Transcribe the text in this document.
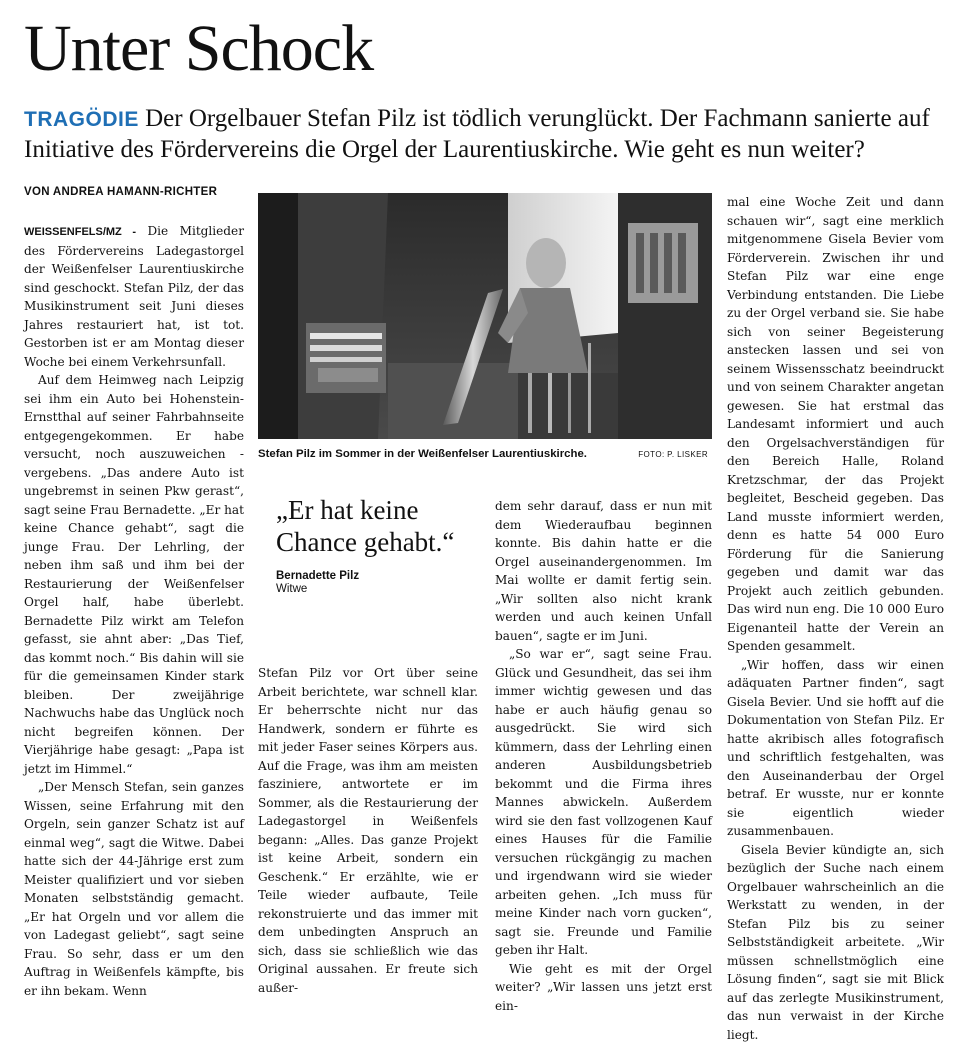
Unter Schock

TRAGÖDIE Der Orgelbauer Stefan Pilz ist tödlich verunglückt. Der Fachmann sanierte auf Initiative des Fördervereins die Orgel der Laurentiuskirche. Wie geht es nun weiter?

VON ANDREA HAMANN-RICHTER

WEISSENFELS/MZ - Die Mitglieder des Fördervereins Ladegastorgel der Weißenfelser Laurentiuskirche sind geschockt. Stefan Pilz, der das Musikinstrument seit Juni dieses Jahres restauriert hat, ist tot. Gestorben ist er am Montag dieser Woche bei einem Verkehrsunfall.

Auf dem Heimweg nach Leipzig sei ihm ein Auto bei Hohenstein-Ernstthal auf seiner Fahrbahnseite entgegengekommen. Er habe versucht, noch auszuweichen - vergebens. „Das andere Auto ist ungebremst in seinen Pkw gerast“, sagt seine Frau Bernadette. „Er hat keine Chance gehabt“, sagt die junge Frau. Der Lehrling, der neben ihm saß und ihm bei der Restaurierung der Weißenfelser Orgel half, habe überlebt. Bernadette Pilz wirkt am Telefon gefasst, sie ahnt aber: „Das Tief, das kommt noch.“ Bis dahin will sie für die gemeinsamen Kinder stark bleiben. Der zweijährige Nachwuchs habe das Unglück noch nicht begreifen können. Der Vierjährige habe gesagt: „Papa ist jetzt im Himmel.“

„Der Mensch Stefan, sein ganzes Wissen, seine Erfahrung mit den Orgeln, sein ganzer Schatz ist auf einmal weg“, sagt die Witwe. Dabei hatte sich der 44-Jährige erst zum Meister qualifiziert und vor sieben Monaten selbstständig gemacht. „Er hat Orgeln und vor allem die von Ladegast geliebt“, sagt seine Frau. So sehr, dass er um den Auftrag in Weißenfels kämpfte, bis er ihn bekam. Wenn

Stefan Pilz im Sommer in der Weißenfelser Laurentiuskirche.	FOTO: P. LISKER

„Er hat keine Chance gehabt.“

Bernadette Pilz

Witwe

Stefan Pilz vor Ort über seine Arbeit berichtete, war schnell klar. Er beherrschte nicht nur das Handwerk, sondern er führte es mit jeder Faser seines Körpers aus. Auf die Frage, was ihm am meisten fasziniere, antwortete er im Sommer, als die Restaurierung der Ladegastorgel in Weißenfels begann: „Alles. Das ganze Projekt ist keine Arbeit, sondern ein Geschenk.“ Er erzählte, wie er Teile wieder aufbaute, Teile rekonstruierte und das immer mit dem unbedingten Anspruch an sich, dass sie schließlich wie das Original aussahen. Er freute sich außer-

dem sehr darauf, dass er nun mit dem Wiederaufbau beginnen konnte. Bis dahin hatte er die Orgel auseinandergenommen. Im Mai wollte er damit fertig sein. „Wir sollten also nicht krank werden und auch keinen Unfall bauen“, sagte er im Juni.

„So war er“, sagt seine Frau. Glück und Gesundheit, das sei ihm immer wichtig gewesen und das habe er auch häufig genau so ausgedrückt. Sie wird sich kümmern, dass der Lehrling einen anderen Ausbildungsbetrieb bekommt und die Firma ihres Mannes abwickeln. Außerdem wird sie den fast vollzogenen Kauf eines Hauses für die Familie versuchen rückgängig zu machen und irgendwann wird sie wieder arbeiten gehen. „Ich muss für meine Kinder nach vorn gucken“, sagt sie. Freunde und Familie geben ihr Halt.

Wie geht es mit der Orgel weiter? „Wir lassen uns jetzt erst ein-

mal eine Woche Zeit und dann schauen wir“, sagt eine merklich mitgenommene Gisela Bevier vom Förderverein. Zwischen ihr und Stefan Pilz war eine enge Verbindung entstanden. Die Liebe zu der Orgel verband sie. Sie habe sich von seiner Begeisterung anstecken lassen und sei von seinem Wissensschatz beeindruckt und von seinem Charakter angetan gewesen. Sie hat erstmal das Landesamt informiert und auch den Orgelsachverständigen für den Bereich Halle, Roland Kretzschmar, der das Projekt begleitet, Bescheid gegeben. Das Land musste informiert werden, denn es hatte 54 000 Euro Förderung für die Sanierung gegeben und damit war das Projekt auch zeitlich gebunden. Das wird nun eng. Die 10 000 Euro Eigenanteil hatte der Verein an Spenden gesammelt.

„Wir hoffen, dass wir einen adäquaten Partner finden“, sagt Gisela Bevier. Und sie hofft auf die Dokumentation von Stefan Pilz. Er hatte akribisch alles fotografisch und schriftlich festgehalten, was den Auseinanderbau der Orgel betraf. Er wusste, nur er konnte sie eigentlich wieder zusammenbauen.

Gisela Bevier kündigte an, sich bezüglich der Suche nach einem Orgelbauer wahrscheinlich an die Werkstatt zu wenden, in der Stefan Pilz bis zu seiner Selbstständigkeit arbeitete. „Wir müssen schnellstmöglich eine Lösung finden“, sagt sie mit Blick auf das zerlegte Musikinstrument, das nun verwaist in der Kirche liegt.
